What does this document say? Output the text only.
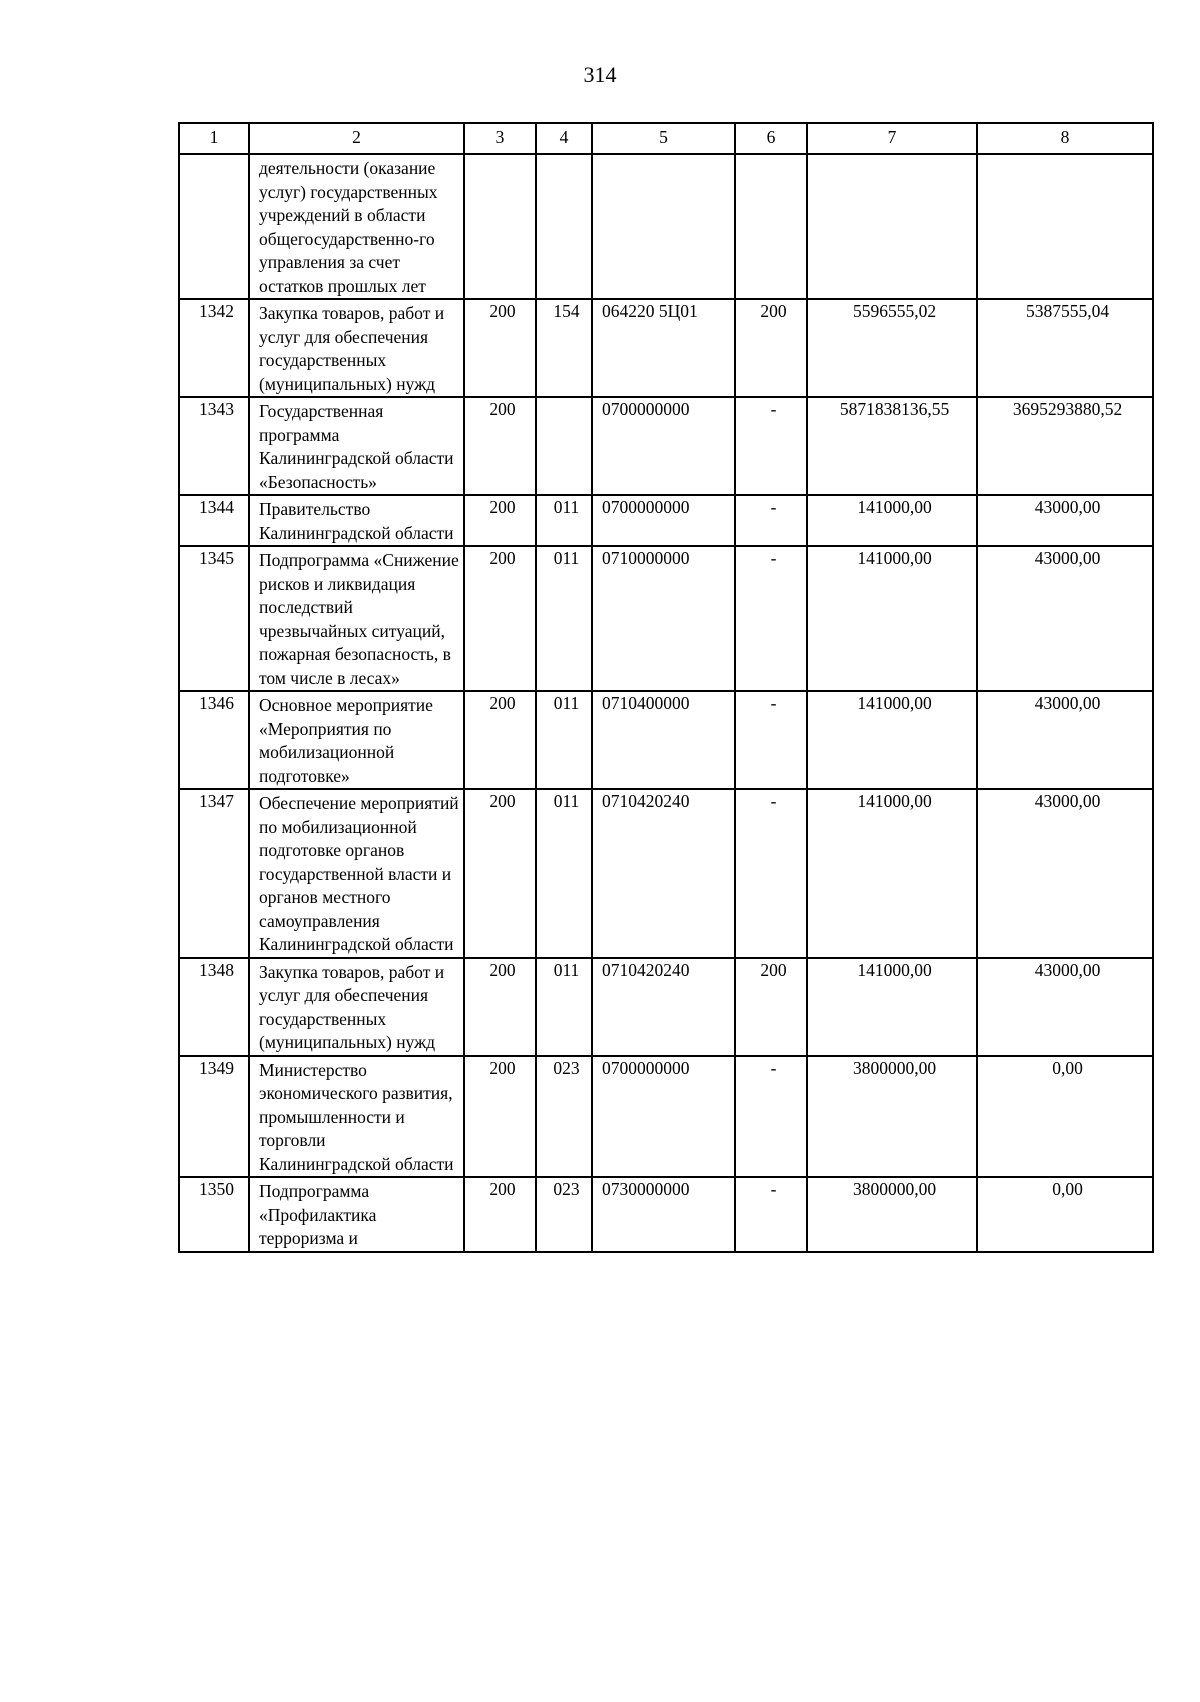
314
1	2	3	4	5	6	7	8

	деятельности (оказание услуг) государственных учреждений в области общегосударственно-го управления за счет остатков прошлых лет						

1342	Закупка товаров, работ и услуг для обеспечения государственных (муниципальных) нужд	200	154	064220 5Ц01	200	5596555,02	5387555,04
1343	Государственная программа Калининградской области «Безопасность»	200		0700000000	-	5871838136,55	3695293880,52
1344	Правительство Калининградской области	200	011	0700000000	-	141000,00	43000,00
1345	Подпрограмма «Снижение рисков и ликвидация последствий чрезвычайных ситуаций, пожарная безопасность, в том числе в лесах»	200	011	0710000000	-	141000,00	43000,00
1346	Основное мероприятие «Мероприятия по мобилизационной подготовке»	200	011	0710400000	-	141000,00	43000,00
1347	Обеспечение мероприятий по мобилизационной подготовке органов государственной власти и органов местного самоуправления Калининградской области	200	011	0710420240	-	141000,00	43000,00
1348	Закупка товаров, работ и услуг для обеспечения государственных (муниципальных) нужд	200	011	0710420240	200	141000,00	43000,00
1349	Министерство экономического развития, промышленности и торговли Калининградской области	200	023	0700000000	-	3800000,00	0,00
1350	Подпрограмма «Профилактика терроризма и	200	023	0730000000	-	3800000,00	0,00
